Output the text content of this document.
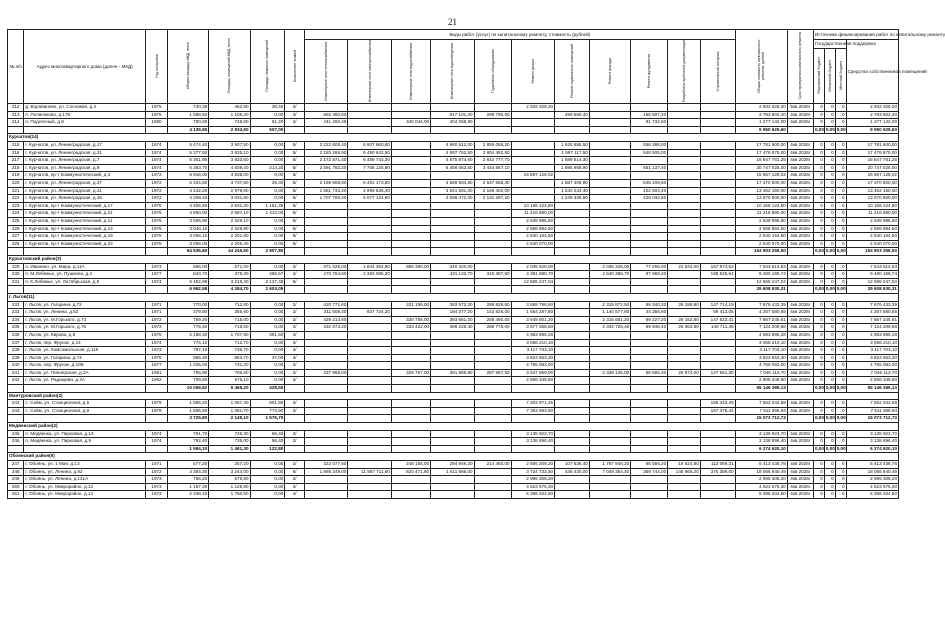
21
№ п/п	Адрес многоквартирного дома (далее - МКД)	Год постройки	Общая площадь МКД, всего	Площадь помещений МКД, всего	Площадь нежилых помещений	Количество этажей	Виды работ (услуг) по капитальному ремонту, стоимость (рублей)											Общая стоимость капитального ремонта, рублей	Срок проведения капитального ремонта	Источники финансирования работ по капитальному ремонту			
							Инженерные сети теплоснабжения	Инженерные сети электроснабжения	Инженерные сети водоснабжения	Инженерные сети водоотведения	Подъёмное оборудование	Ремонт крыши	Ремонт подвальных помещений	Ремонт фасада	Ремонт фундамента	Разработка проектной документации	Строительный контроль			Государственная поддержка			Средства собственников помещений
																				Федеральный бюджет	Областной бюджет	Местный бюджет	
212	д. Воровинево, ул. Сосновая, д.4	1975	740,36	462,50	38,40	2/						2 932 328,20						2 932 328,20	5кв 2026г	0	0	0	2 932 328,20
213	п. Поляноково, д.175	1975	1 588,82	1 105,20	0,00	3/	892 360,60			817 101,20	299 790,00		299 590,40		165 507,20			2 793 602,40	4кв 2026г	0	0	0	2 793 602,40
214	п. Подлесный, д.8	1980	790,68	728,60	61,20	2/	441 260,48		340 044,00	404 058,60					91 732,60			1 277 142,00	4кв 2026г	0	0	0	1 277 142,00
			4 135,86	2 933,60	507,00													9 950 625,60		0,00	0,00	0,00	9 950 625,60
Курчатов(14)																							
215	г. Курчатов, ул. Ленинградская, д.17	1974	5 474,40	3 907,50	0,00	5/	2 222 608,40	6 607 660,80		4 680 512,00	2 855 055,20		1 625 686,50		556 388,00			17 781 600,00	4кв 2026г	0	0	0	17 781 600,00
216	г. Курчатов, ул. Ленинградская, д.31	1974	5 377,50	3 835,10	0,00	5/	2 183 265,90	6 490 642,50		4 597 762,50	2 804 482,50		1 597 117,50		548 505,00			17 476 875,00	4кв 2026г	0	0	0	17 476 875,00
217	г. Курчатов, ул. Ленинградская, д.7	1974	5 351,90	3 833,60	0,00	5/	2 172 871,40	6 459 743,30		4 575 874,50	2 842 777,70		1 589 514,30					16 847 781,25	4кв 2026г	0	0	0	16 847 781,25
218	г. Курчатов, ул. Ленинградская, д.9	1974	6 383,70	4 839,40	214,20	5/	2 591 782,20	7 705 125,90		5 458 063,50	3 444 867,10		1 895 958,90		651 137,40			20 747 025,00	4кв 2026г	0	0	0	20 747 025,00
219	г. Курчатов, пр-т Коммунистический, д.3	1972	6 916,00	3 838,00	0,00	5/						15 867 128,02						15 867 128,02	4кв 2026г	0	0	0	15 867 128,02
220	г. Курчатов, ул. Ленинградская, д.37	1972	5 344,60	3 737,80	29,30	5/	2 169 908,80	6 451 173,60		4 569 604,80	2 647 658,40		1 587 409,80		545 109,60			17 370 600,00	4кв 2026г	0	0	0	17 370 600,00
221	г. Курчатов, ул. Ленинградская, д.41	1972	4 142,20	2 979,60	0,00	5/	1 681 733,20	4 999 635,40		3 541 581,00	2 166 402,00		1 230 233,40		422 504,40			13 462 150,00	4кв 2026г	0	0	0	13 462 150,00
222	г. Курчатов, ул. Ленинградская, д.45	1972	4 208,40	3 031,80	0,00	5/	1 707 700,40	5 077 124,80		3 598 472,00	2 131 287,20		1 249 339,80		429 032,80			13 670 800,00	4кв 2026г	0	0	0	13 670 800,00
223	г. Курчатов, пр-т Коммунистический, д.17	1975	4 405,60	2 631,20	1 151,35	5/						10 168 124,80						10 168 124,80	4кв 2026г	0	0	0	10 168 124,80
224	г. Курчатов, пр-т Коммунистический, д.21	1975	4 860,00	2 697,10	1 413,00	5/						11 216 880,00						11 216 880,00	4кв 2026г	0	0	0	11 216 880,00
225	г. Курчатов, пр-т Коммунистический, д.11	1975	3 005,90	2 229,10	0,00	5/						2 539 985,50						2 539 985,50	4кв 2026г	0	0	0	2 539 985,50
226	г. Курчатов, пр-т Коммунистический, д.13	1975	3 040,10	2 228,90	0,00	5/						2 568 884,50						2 568 884,50	4кв 2026г	0	0	0	2 568 884,50
227	г. Курчатов, пр-т Коммунистический, д.19	1975	3 006,10	2 201,80	0,00	5/						2 540 154,50						2 540 154,50	4кв 2026г	0	0	0	2 540 154,50
228	г. Курчатов, пр-т Коммунистический, д.23	1975	3 006,00	2 205,40	0,00	5/						2 540 070,00						2 540 070,00	4кв 2026г	0	0	0	2 540 070,00
			64 535,80	44 245,60	2 807,80													164 903 258,50		0,00	0,00	0,00	164 903 258,50
Курчатовский район(3)																							
229	п. Иванино, ул. Мира, д.11А	1973	866,00	571,00	0,00	2/	371 628,00	1 844 354,90	886 380,00	340 320,00		2 035 528,00		2 035 328,00	77 256,00	22 644,00	157 574,53	7 543 514,53	4кв 2026г	0	0	0	7 543 514,53
230	п. М.Лебяжье, ул. Пушкина, д.2	1977	843,70	378,30	465,57	2/	470 784,60	2 383 095,30		431 132,70	315 387,60	3 391 688,70		2 540 386,70	97 969,20		198 625,64	9 480 168,74	4кв 2026г	0	0	0	9 480 168,74
231	п. К.Лебяжье, ул. Октябрьская, д.5	1974	5 452,88	3 215,40	2 137,48	5/						12 565 247,04						12 565 247,04	4кв 2026г	0	0	0	12 565 247,04
			6 962,58	4 284,70	2 603,05													29 608 930,31		0,00	0,00	0,00	29 608 930,31
г. Льгов(11)																							
232	г. Льгов, ул. Гагарина, д.72	1971	770,00	712,80	0,00	2/	420 771,60		331 156,00	393 572,20	289 828,50	3 659 798,60		2 315 872,50	69 340,20	26 186,80	147 714,19	7 676 433,39	4кв 2026г	0	0	0	7 676 433,39
233	г. Льгов, ул. Ленина, д.52	1971	379,80	355,60	0,00	2/	211 508,40	937 724,20		194 577,20	142 825,00	1 554 287,80		1 140 577,80	44 356,60		89 413,05	4 267 580,65	4кв 2026г	0	0	0	4 267 580,65
234	г. Льгов, ул. М.Горького, д.73	1972	759,20	715,00	0,00	2/	429 213,60		330 756,00	393 661,20	288 490,00	3 649 801,20		2 316 681,20	69 227,20	26 152,80	147 522,41	7 667 245,61	4кв 2026г	0	0	0	7 667 245,61
235	г. Льгов, ул. М.Горького, д.75	1972	775,40	719,60	0,00	2/	432 673,20		333 422,00	396 229,40	289 775,00	3 677 358,60		2 334 725,40	69 946,40	26 363,80	146 711,48	7 124 209,68	4кв 2026г	0	0	0	7 124 209,68
236	г. Льгов, ул. Кирова, д.8	1975	2 198,40	1 707,90	391,50	4/						4 983 895,28						4 983 895,28	4кв 2026г	0	0	0	4 983 895,28
237	г. Льгов, пер. Фрунзе, д.14	1974	774,10	712,70	0,00	2/						3 068 210,10						3 068 210,10	4кв 2026г	0	0	0	3 068 210,10
238	г. Льгов, ул. Комсомольская, д.116	1973	787,10	736,70	0,00	2/						3 117 703,10						3 117 703,10	4кв 2026г	0	0	0	3 117 703,10
239	г. Льгов, ул. Гагарина, д.74	1975	965,30	853,70	37,00	3/						3 823 553,30						3 823 553,30	4кв 2026г	0	0	0	3 823 553,30
240	г. Льгов, пер. Фрунзе, д.10Б	1977	1 205,00	731,20	0,00	2/						4 765 083,00						4 765 083,00	4кв 2026г	0	0	0	4 765 083,00
241	г. Льгов, ул. Пионерская, д.2А	1981	765,90	706,50	0,00	2/	437 958,00		329 767,00	391 885,90	287 667,50	3 637 659,00		2 328 135,00	66 565,40	26 874,00	147 581,30	7 046 113,70	4кв 2026г	0	0	0	7 046 113,70
242	г. Льгов, ул. Радищева, д.3А	1962	709,60	676,10	0,00	2/						2 808 349,60						2 808 349,60	4кв 2026г	0	0	0	2 808 349,60
			10 059,82	9 465,20	428,50													55 146 389,13		0,00	0,00	0,00	55 146 389,13
Мантуровский район(2)																							
243	с. Сейм, ул. Станционная, д.5	1979	1 865,20	1 067,40	801,80	2/						7 403 971,25					158 443,49	7 562 344,69	4кв 2026г	0	0	0	7 562 344,69
244	с. Сейм, ул. Станционная, д.9	1979	1 856,60	1 081,70	774,90	2/						7 353 993,50					157 375,44	7 511 368,94	4кв 2026г	0	0	0	7 511 368,94
			3 725,80	2 149,10	1 576,70													15 073 712,73		0,00	0,00	0,00	15 073 712,73
Медвенский район(2)																							
245	п. Медвенка, ул. Парковая, д.13	1974	791,70	726,30	65,40	2/						3 135 923,70						3 135 923,70	4кв 2026г	0	0	0	3 135 923,70
246	п. Медвенка, ул. Парковая, д.9	1974	792,40	735,00	56,40	2/						3 138 696,40						3 138 696,40	4кв 2026г	0	0	0	3 138 696,40
			1 584,10	1 461,30	122,80													6 274 620,10		0,00	0,00	0,00	6 274 620,10
Обоянский район(9)																							
247	г. Обоянь, ул. 1 Мая, д.13	1971	577,20	357,20	0,00	2/	322 077,60		248 155,00	294 946,20	214 450,00	2 806 309,20	107 535,40	1 787 948,20	66 555,20	19 524,80	113 069,31	5 413 436,78	4кв 2026г	0	0	0	5 413 436,78
248	г. Обоянь, ул. Ленина, д.92	1972	4 384,30	3 244,00	0,00	6/	1 885 249,00	11 867 711,60	820 471,60	1 511 566,00		3 724 733,50	438 430,00	7 049 354,40	359 744,00	149 966,20	375 389,00	18 066 940,49	4кв 2026г	0	0	0	18 066 940,49
249	г. Обоянь, ул. Ленина, д.141А	1973	756,20	679,80	0,00	2/						2 995 308,20						2 995 308,20	4кв 2026г	0	0	0	2 995 308,20
250	г. Обоянь, ул. Микрорайон, д.12	1973	1 167,30	1 125,90	0,00	2/						4 623 675,30						4 623 675,30	4кв 2026г	0	0	0	4 623 675,30
251	г. Обоянь, ул. Микрорайон, д.14	1973	2 338,10	1 750,50	0,00	4/						5 396 334,80						5 396 334,80	4кв 2026г	0	0	0	5 396 334,80
